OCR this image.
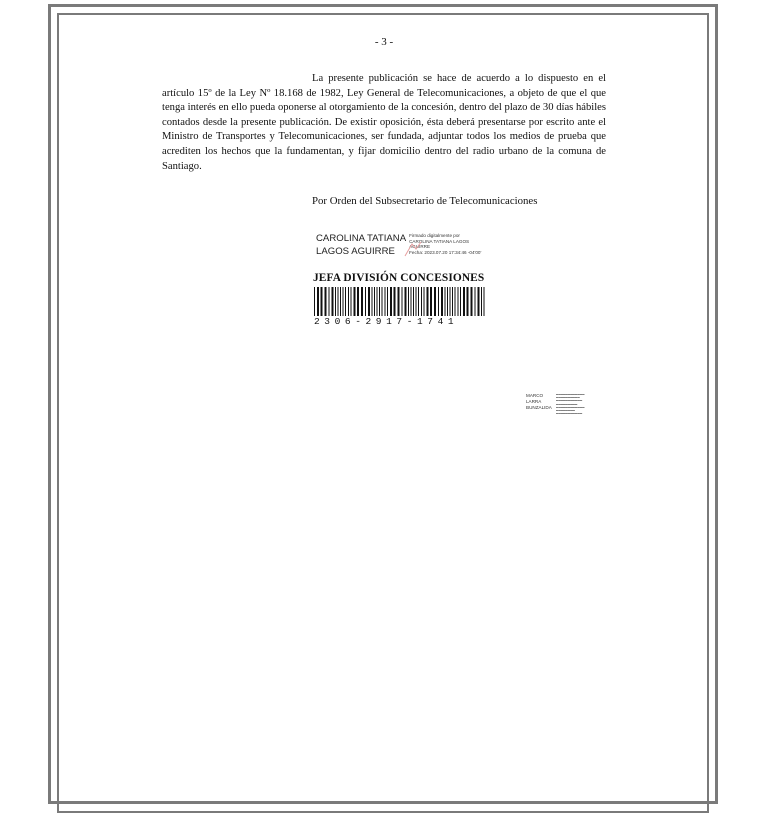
- 3 -

La presente publicación se hace de acuerdo a lo dispuesto en el artículo 15º de la Ley Nº 18.168 de 1982, Ley General de Telecomunicaciones, a objeto de que el que tenga interés en ello pueda oponerse al otorgamiento de la concesión, dentro del plazo de 30 días hábiles contados desde la presente publicación. De existir oposición, ésta deberá presentarse por escrito ante el Ministro de Transportes y Telecomunicaciones, ser fundada, adjuntar todos los medios de prueba que acrediten los hechos que la fundamentan, y fijar domicilio dentro del radio urbano de la comuna de Santiago.

Por Orden del Subsecretario de Telecomunicaciones
CAROLINA TATIANA
LAGOS AGUIRRE
Firmado digitalmente por
CAROLINA TATIANA LAGOS
AGUIRRE
Fecha: 2023.07.20 17:34:46 -04'00'
JEFA DIVISIÓN CONCESIONES
2306-2917-1741
MARCO
LARRA
BUNZALIDA
▬▬▬▬▬▬▬▬▬▬▬▬
▬▬▬▬▬▬▬▬▬▬
▬▬▬▬▬▬▬▬▬▬▬
▬▬▬▬▬▬▬▬▬
▬▬▬▬▬▬▬▬▬▬▬▬
▬▬▬▬▬▬▬▬
▬▬▬▬▬▬▬▬▬▬▬
